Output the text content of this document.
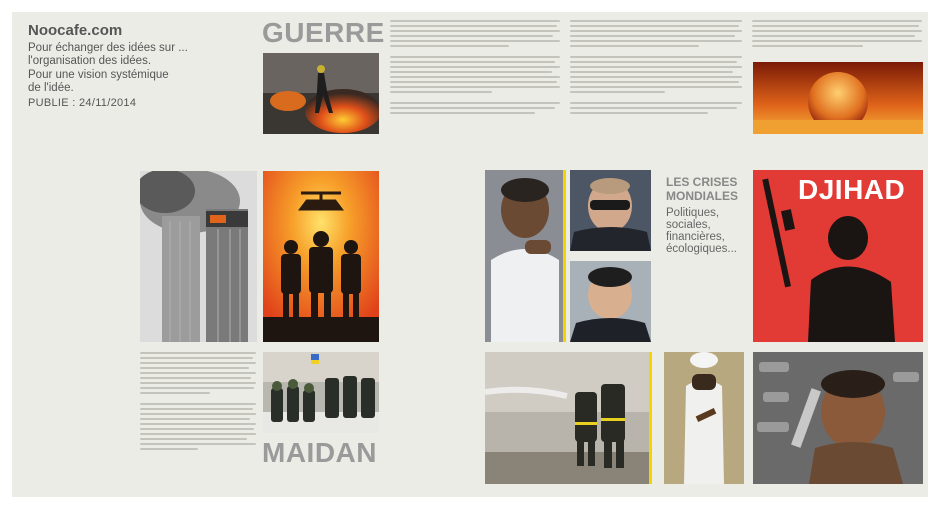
Noocafe.com
Pour échanger des idées sur ...
l'organisation des idées.
Pour une vision systémique
de l'idée.
PUBLIE : 24/11/2014
GUERRE
MAIDAN
LES CRISES
MONDIALES
Politiques,
sociales,
financières,
écologiques...
DJIHAD
